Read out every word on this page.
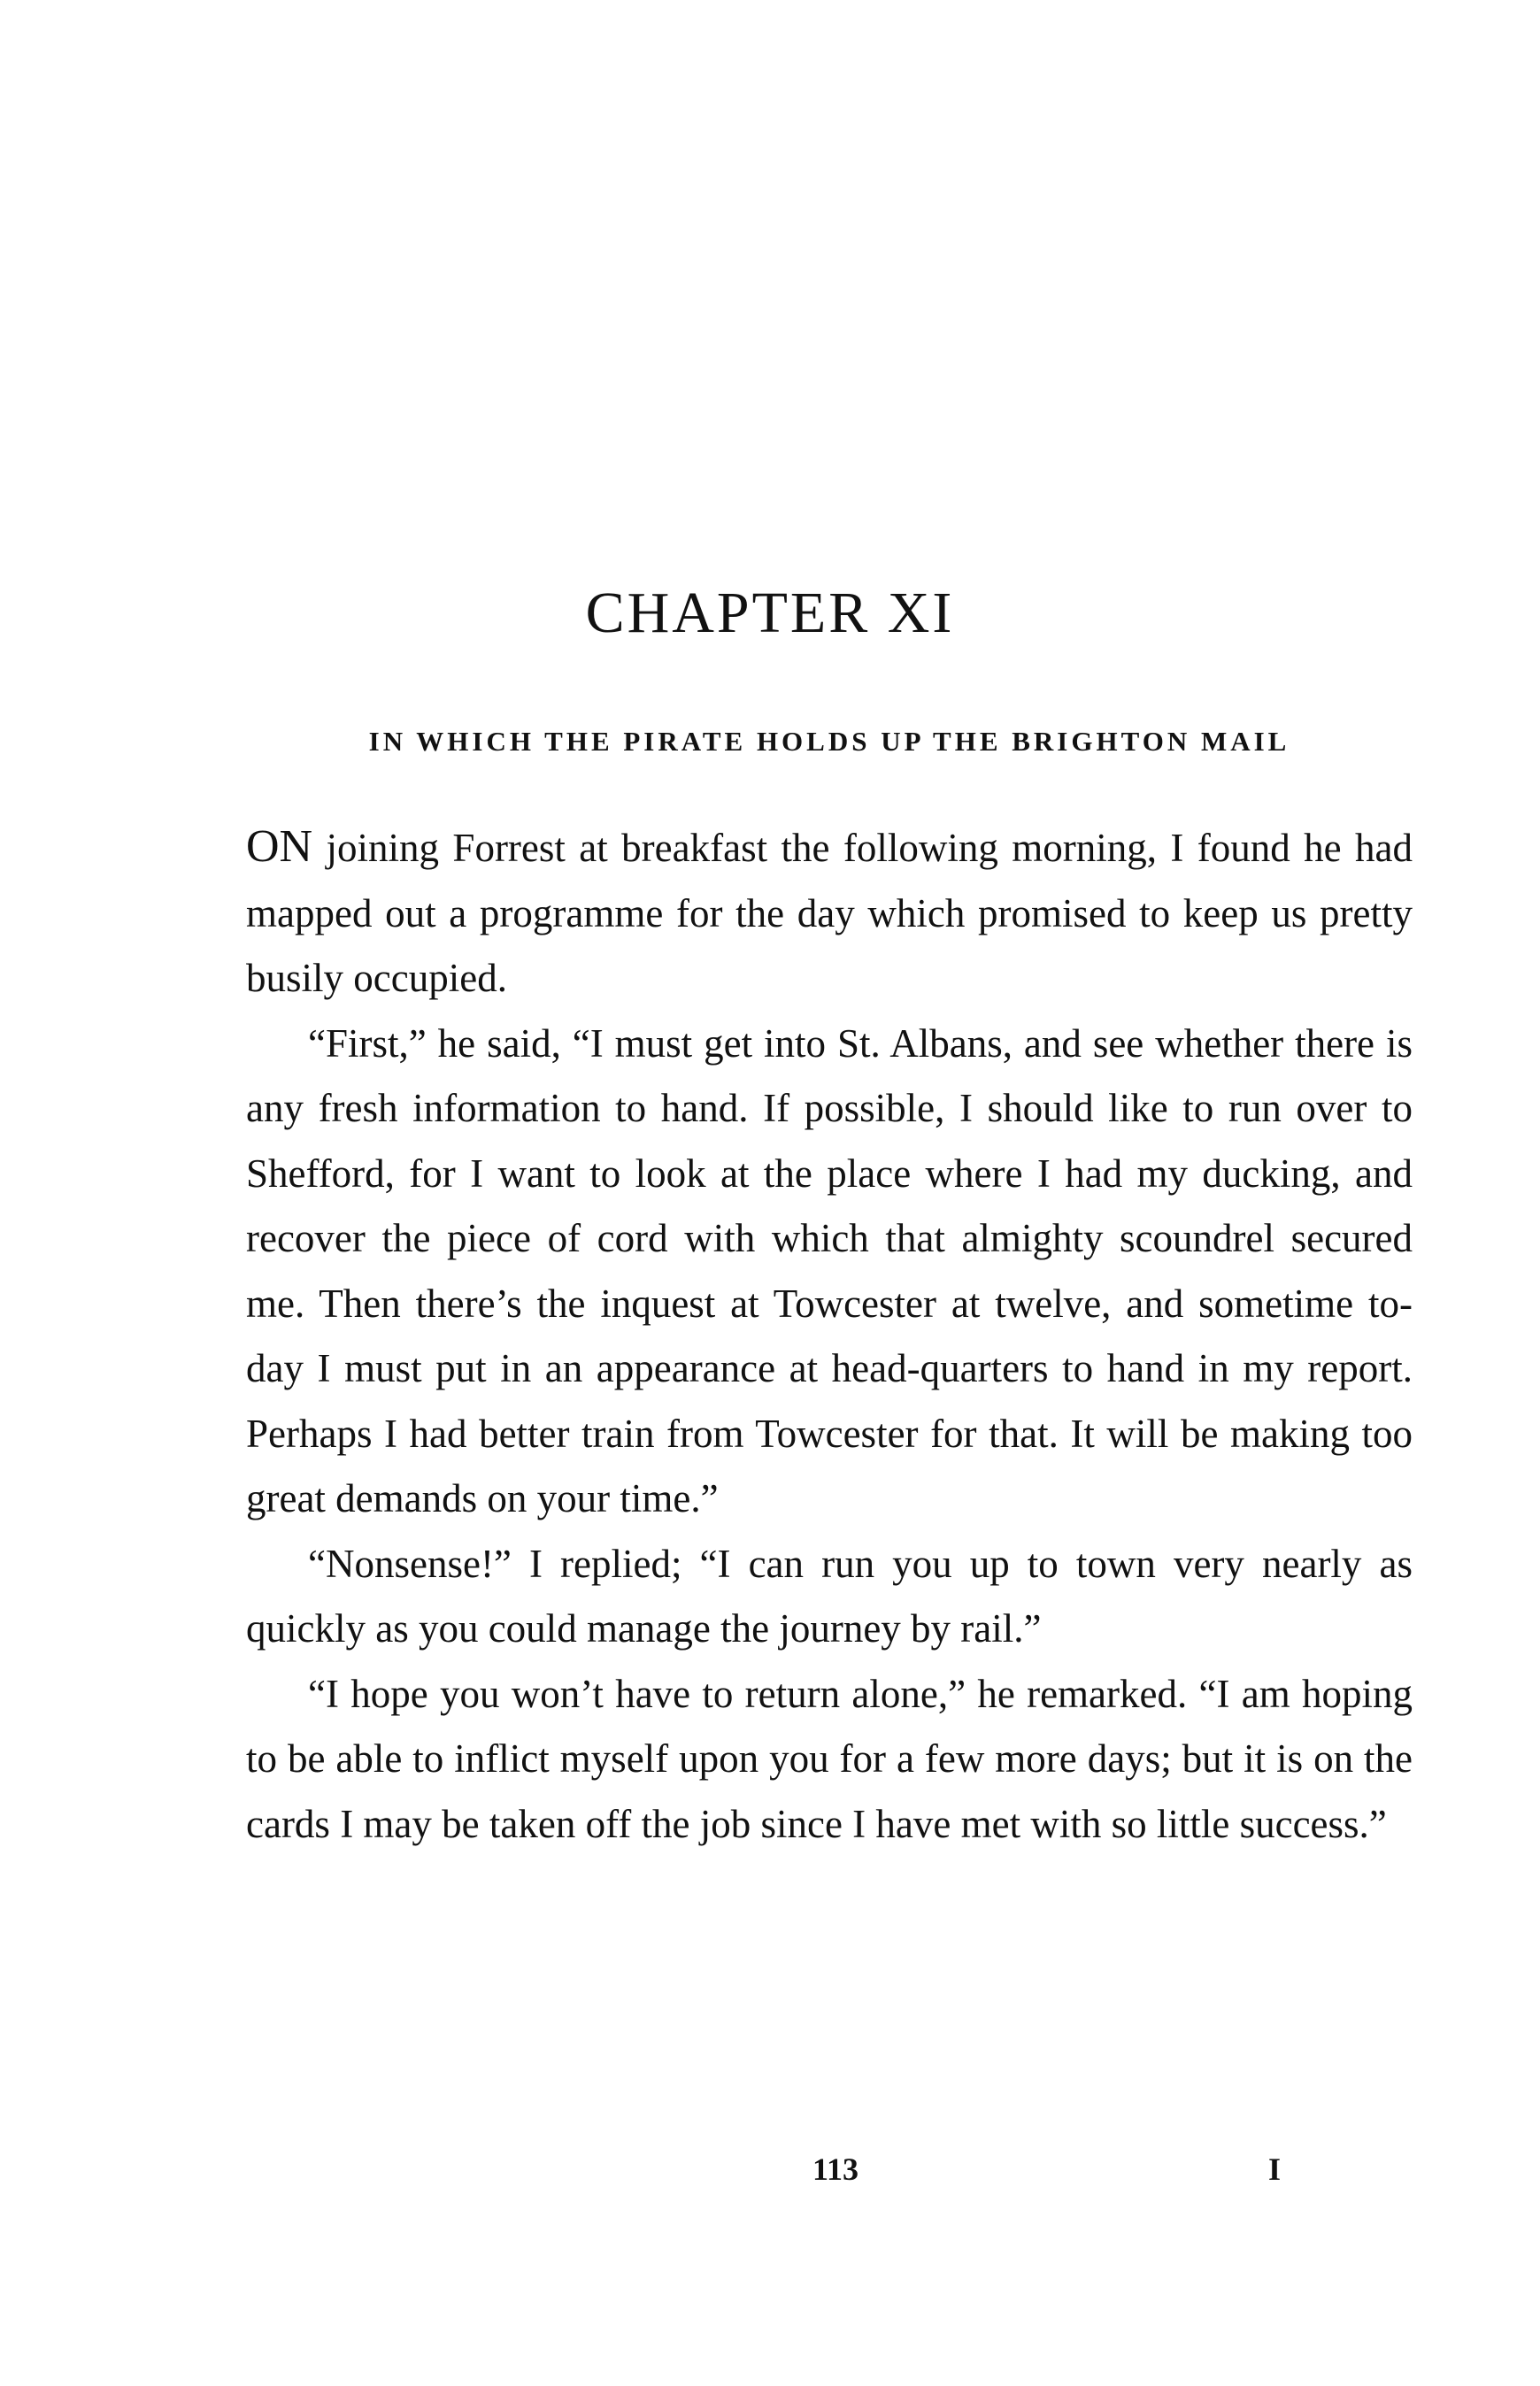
CHAPTER XI
IN WHICH THE PIRATE HOLDS UP THE BRIGHTON MAIL

ON joining Forrest at breakfast the following morning, I found he had mapped out a programme for the day which promised to keep us pretty busily occupied.

“First,” he said, “I must get into St. Albans, and see whether there is any fresh information to hand. If possible, I should like to run over to Shefford, for I want to look at the place where I had my ducking, and recover the piece of cord with which that almighty scoundrel secured me. Then there’s the inquest at Towcester at twelve, and sometime to-day I must put in an appearance at head-quarters to hand in my report. Perhaps I had better train from Towcester for that. It will be making too great demands on your time.”

“Nonsense!” I replied; “I can run you up to town very nearly as quickly as you could manage the journey by rail.”

“I hope you won’t have to return alone,” he remarked. “I am hoping to be able to inflict myself upon you for a few more days; but it is on the cards I may be taken off the job since I have met with so little success.”

113	I
